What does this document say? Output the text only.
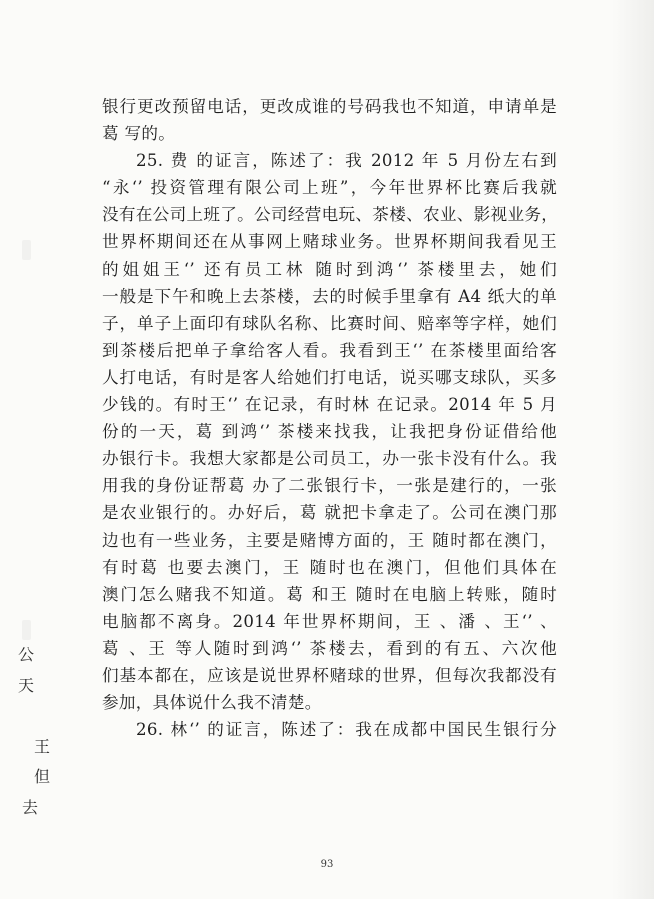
公
天
王
但
去
银行更改预留电话，更改成谁的号码我也不知道，申请单是
葛 写的。
25. 费 的证言，陈述了：我 2012 年 5 月份左右到
“永‘’ 投资管理有限公司上班”，今年世界杯比赛后我就
没有在公司上班了。公司经营电玩、茶楼、农业、影视业务，
世界杯期间还在从事网上赌球业务。世界杯期间我看见王
的姐姐王‘’ 还有员工林 随时到鸿‘’ 茶楼里去，她们
一般是下午和晚上去茶楼，去的时候手里拿有 A4 纸大的单
子，单子上面印有球队名称、比赛时间、赔率等字样，她们
到茶楼后把单子拿给客人看。我看到王‘’ 在茶楼里面给客
人打电话，有时是客人给她们打电话，说买哪支球队，买多
少钱的。有时王‘’ 在记录，有时林 在记录。2014 年 5 月
份的一天，葛 到鸿‘’ 茶楼来找我，让我把身份证借给他
办银行卡。我想大家都是公司员工，办一张卡没有什么。我
用我的身份证帮葛 办了二张银行卡，一张是建行的，一张
是农业银行的。办好后，葛 就把卡拿走了。公司在澳门那
边也有一些业务，主要是赌博方面的，王 随时都在澳门，
有时葛 也要去澳门，王 随时也在澳门，但他们具体在
澳门怎么赌我不知道。葛 和王 随时在电脑上转账，随时
电脑都不离身。2014 年世界杯期间，王 、潘 、王‘’ 、
葛 、王 等人随时到鸿‘’ 茶楼去，看到的有五、六次他
们基本都在，应该是说世界杯赌球的世界，但每次我都没有
参加，具体说什么我不清楚。
26. 林‘’ 的证言，陈述了：我在成都中国民生银行分
93
